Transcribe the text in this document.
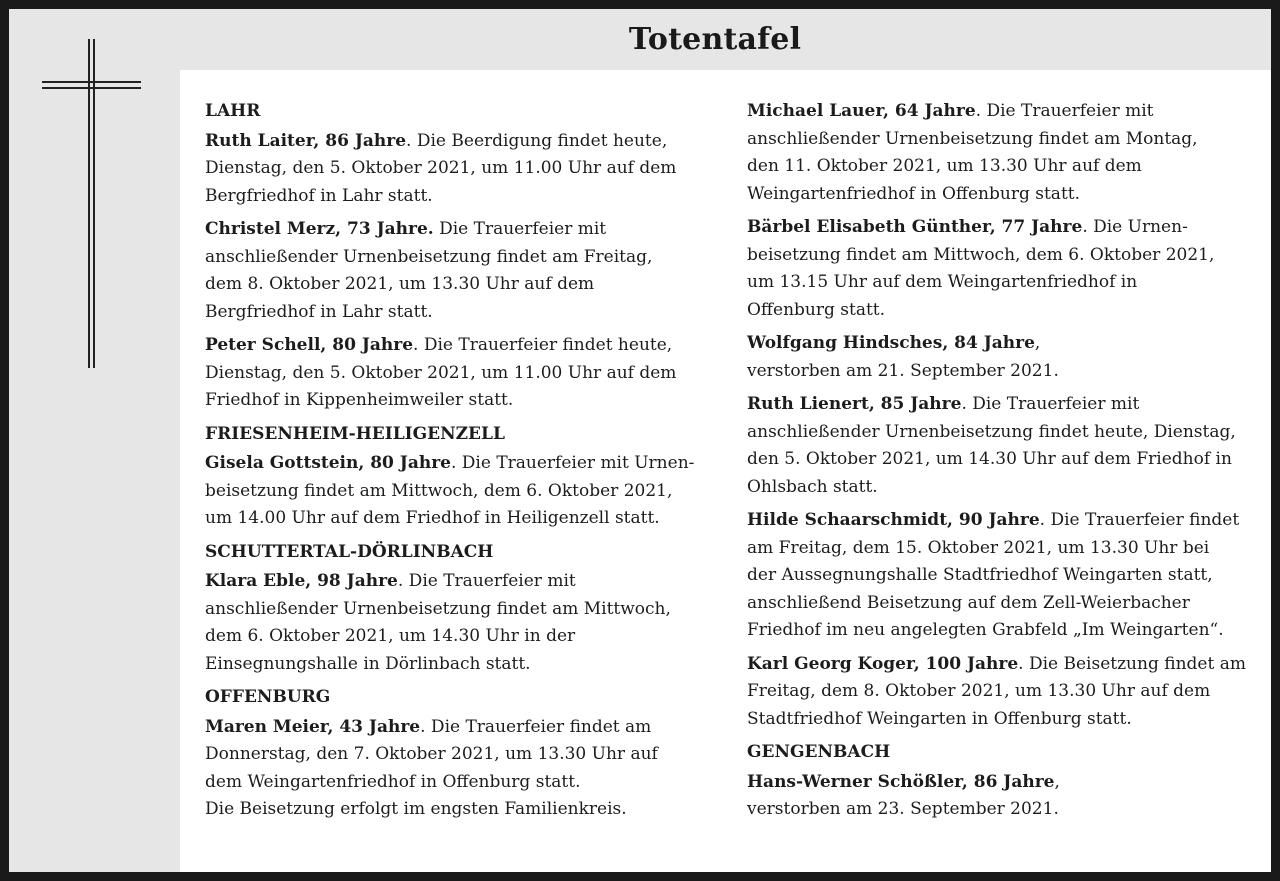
Totentafel
LAHR
Ruth Laiter, 86 Jahre. Die Beerdigung findet heute,
Dienstag, den 5. Oktober 2021, um 11.00 Uhr auf dem
Bergfriedhof in Lahr statt.
Christel Merz, 73 Jahre. Die Trauerfeier mit
anschließender Urnenbeisetzung findet am Freitag,
dem 8. Oktober 2021, um 13.30 Uhr auf dem
Bergfriedhof in Lahr statt.
Peter Schell, 80 Jahre. Die Trauerfeier findet heute,
Dienstag, den 5. Oktober 2021, um 11.00 Uhr auf dem
Friedhof in Kippenheimweiler statt.
FRIESENHEIM-HEILIGENZELL
Gisela Gottstein, 80 Jahre. Die Trauerfeier mit Urnen-
beisetzung findet am Mittwoch, dem 6. Oktober 2021,
um 14.00 Uhr auf dem Friedhof in Heiligenzell statt.
SCHUTTERTAL-DÖRLINBACH
Klara Eble, 98 Jahre. Die Trauerfeier mit
anschließender Urnenbeisetzung findet am Mittwoch,
dem 6. Oktober 2021, um 14.30 Uhr in der
Einsegnungshalle in Dörlinbach statt.
OFFENBURG
Maren Meier, 43 Jahre. Die Trauerfeier findet am
Donnerstag, den 7. Oktober 2021, um 13.30 Uhr auf
dem Weingartenfriedhof in Offenburg statt.
Die Beisetzung erfolgt im engsten Familienkreis.
Michael Lauer, 64 Jahre. Die Trauerfeier mit
anschließender Urnenbeisetzung findet am Montag,
den 11. Oktober 2021, um 13.30 Uhr auf dem
Weingartenfriedhof in Offenburg statt.
Bärbel Elisabeth Günther, 77 Jahre. Die Urnen-
beisetzung findet am Mittwoch, dem 6. Oktober 2021,
um 13.15 Uhr auf dem Weingartenfriedhof in
Offenburg statt.
Wolfgang Hindsches, 84 Jahre,
verstorben am 21. September 2021.
Ruth Lienert, 85 Jahre. Die Trauerfeier mit
anschließender Urnenbeisetzung findet heute, Dienstag,
den 5. Oktober 2021, um 14.30 Uhr auf dem Friedhof in
Ohlsbach statt.
Hilde Schaarschmidt, 90 Jahre. Die Trauerfeier findet
am Freitag, dem 15. Oktober 2021, um 13.30 Uhr bei
der Aussegnungshalle Stadtfriedhof Weingarten statt,
anschließend Beisetzung auf dem Zell-Weierbacher
Friedhof im neu angelegten Grabfeld „Im Weingarten“.
Karl Georg Koger, 100 Jahre. Die Beisetzung findet am
Freitag, dem 8. Oktober 2021, um 13.30 Uhr auf dem
Stadtfriedhof Weingarten in Offenburg statt.
GENGENBACH
Hans-Werner Schößler, 86 Jahre,
verstorben am 23. September 2021.
